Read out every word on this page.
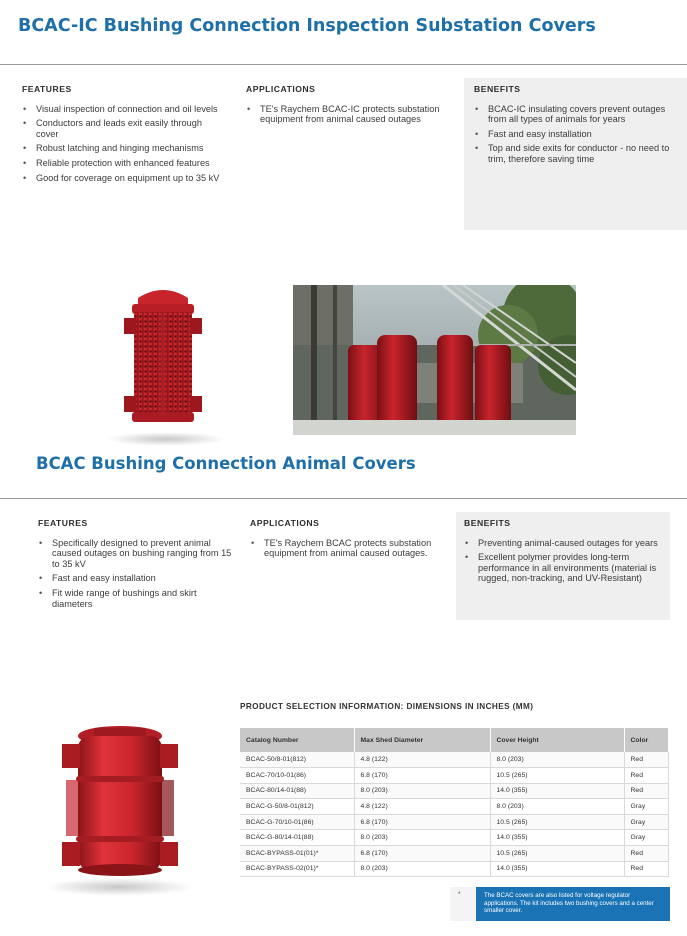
BCAC-IC Bushing Connection Inspection Substation Covers
FEATURES
• Visual inspection of connection and oil levels
• Conductors and leads exit easily through cover
• Robust latching and hinging mechanisms
• Reliable protection with enhanced features
• Good for coverage on equipment up to 35 kV
APPLICATIONS
• TE's Raychem BCAC-IC protects substation equipment from animal caused outages
BENEFITS
• BCAC-IC insulating covers prevent outages from all types of animals for years
• Fast and easy installation
• Top and side exits for conductor - no need to trim, therefore saving time
BCAC Bushing Connection Animal Covers
FEATURES
• Specifically designed to prevent animal caused outages on bushing ranging from 15 to 35 kV
• Fast and easy installation
• Fit wide range of bushings and skirt diameters
APPLICATIONS
• TE's Raychem BCAC protects substation equipment from animal caused outages.
BENEFITS
• Preventing animal-caused outages for years
• Excellent polymer provides long-term performance in all environments (material is rugged, non-tracking, and UV-Resistant)
PRODUCT SELECTION INFORMATION: DIMENSIONS IN INCHES (MM)
Catalog Number	Max Shed Diameter	Cover Height	Color
BCAC-50/8-01(812)	4.8 (122)	8.0 (203)	Red
BCAC-70/10-01(86)	6.8 (170)	10.5 (265)	Red
BCAC-80/14-01(88)	8.0 (203)	14.0 (355)	Red
BCAC-G-50/8-01(812)	4.8 (122)	8.0 (203)	Gray
BCAC-G-70/10-01(86)	6.8 (170)	10.5 (265)	Gray
BCAC-G-80/14-01(88)	8.0 (203)	14.0 (355)	Gray
BCAC-BYPASS-01(01)*	6.8 (170)	10.5 (265)	Red
BCAC-BYPASS-02(01)*	8.0 (203)	14.0 (355)	Red
*	The BCAC covers are also listed for voltage regulator applications. The kit includes two bushing covers and a center smaller cover.
